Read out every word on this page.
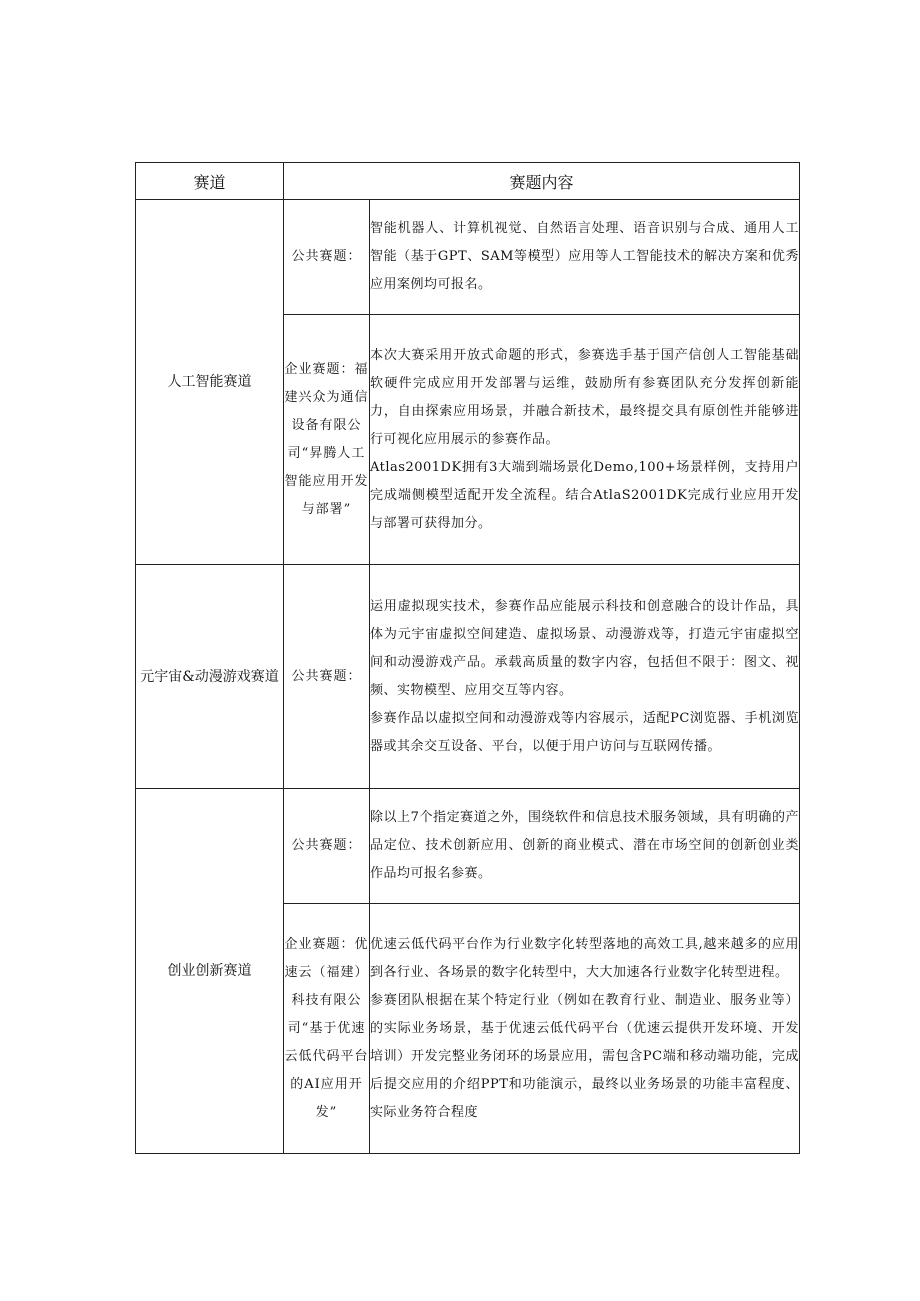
赛道	赛题内容	
人工智能赛道	公共赛题：	智能机器人、计算机视觉、自然语言处理、语音识别与合成、通用人工智能（基于GPT、SAM等模型）应用等人工智能技术的解决方案和优秀应用案例均可报名。

	企业赛题：福建兴众为通信设备有限公司“昇腾人工智能应用开发与部署”	本次大赛采用开放式命题的形式，参赛选手基于国产信创人工智能基础软硬件完成应用开发部署与运维，鼓励所有参赛团队充分发挥创新能力，自由探索应用场景，并融合新技术，最终提交具有原创性并能够进行可视化应用展示的参赛作品。

Atlas2001DK拥有3大端到端场景化Demo,100+场景样例，支持用户完成端侧模型适配开发全流程。结合AtlaS2001DK完成行业应用开发与部署可获得加分。

元宇宙&动漫游戏赛道	公共赛题：	运用虚拟现实技术，参赛作品应能展示科技和创意融合的设计作品，具体为元宇宙虚拟空间建造、虚拟场景、动漫游戏等，打造元宇宙虚拟空间和动漫游戏产品。承载高质量的数字内容，包括但不限于：图文、视频、实物模型、应用交互等内容。

参赛作品以虚拟空间和动漫游戏等内容展示，适配PC浏览器、手机浏览器或其余交互设备、平台，以便于用户访问与互联网传播。

创业创新赛道	公共赛题：	除以上7个指定赛道之外，围绕软件和信息技术服务领域，具有明确的产品定位、技术创新应用、创新的商业模式、潜在市场空间的创新创业类作品均可报名参赛。

	企业赛题：优速云（福建）科技有限公司“基于优速云低代码平台的AI应用开发”	优速云低代码平台作为行业数字化转型落地的高效工具,越来越多的应用到各行业、各场景的数字化转型中，大大加速各行业数字化转型进程。

参赛团队根据在某个特定行业（例如在教育行业、制造业、服务业等）的实际业务场景，基于优速云低代码平台（优速云提供开发环境、开发培训）开发完整业务闭环的场景应用，需包含PC端和移动端功能，完成后提交应用的介绍PPT和功能演示，最终以业务场景的功能丰富程度、实际业务符合程度
